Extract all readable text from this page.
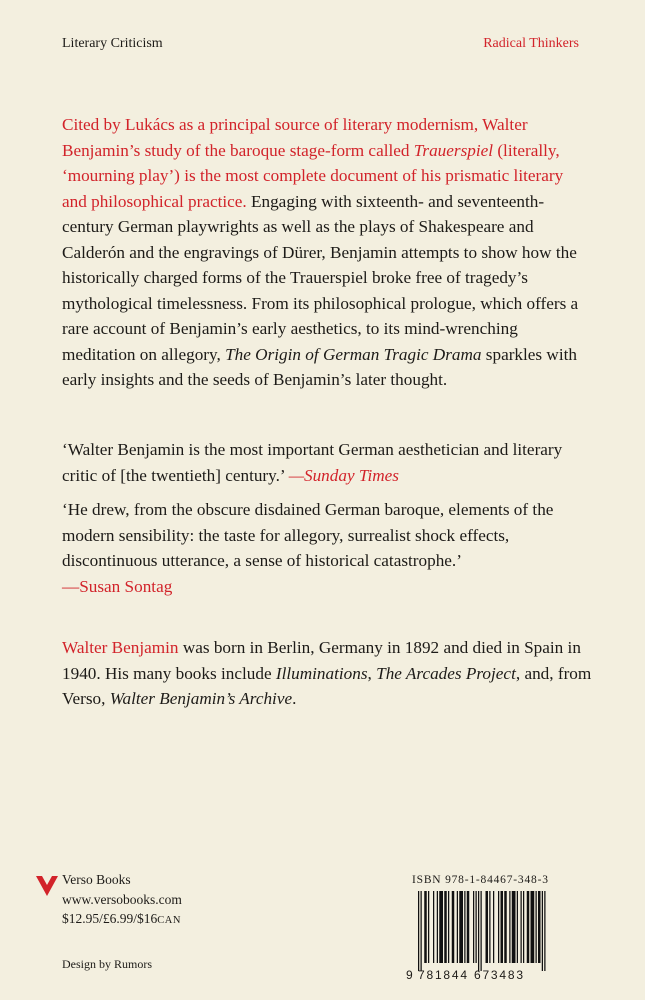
Literary Criticism	Radical Thinkers
Cited by Lukács as a principal source of literary modernism, Walter Benjamin’s study of the baroque stage-form called Trauerspiel (literally, ‘mourning play’) is the most complete document of his prismatic literary and philosophical practice. Engaging with sixteenth- and seventeenth-century German playwrights as well as the plays of Shakespeare and Calderón and the engravings of Dürer, Benjamin attempts to show how the historically charged forms of the Trauerspiel broke free of tragedy’s mythological timelessness. From its philosophical prologue, which offers a rare account of Benjamin’s early aesthetics, to its mind-wrenching meditation on allegory, The Origin of German Tragic Drama sparkles with early insights and the seeds of Benjamin’s later thought.

‘Walter Benjamin is the most important German aesthetician and literary critic of [the twentieth] century.’ —Sunday Times

‘He drew, from the obscure disdained German baroque, elements of the modern sensibility: the taste for allegory, surrealist shock effects, discontinuous utterance, a sense of historical catastrophe.’
—Susan Sontag

Walter Benjamin was born in Berlin, Germany in 1892 and died in Spain in 1940. His many books include Illuminations, The Arcades Project, and, from Verso, Walter Benjamin’s Archive.
Verso Books
www.versobooks.com
$12.95/£6.99/$16CAN
Design by Rumors
ISBN 978-1-84467-348-3
9 781844 673483
